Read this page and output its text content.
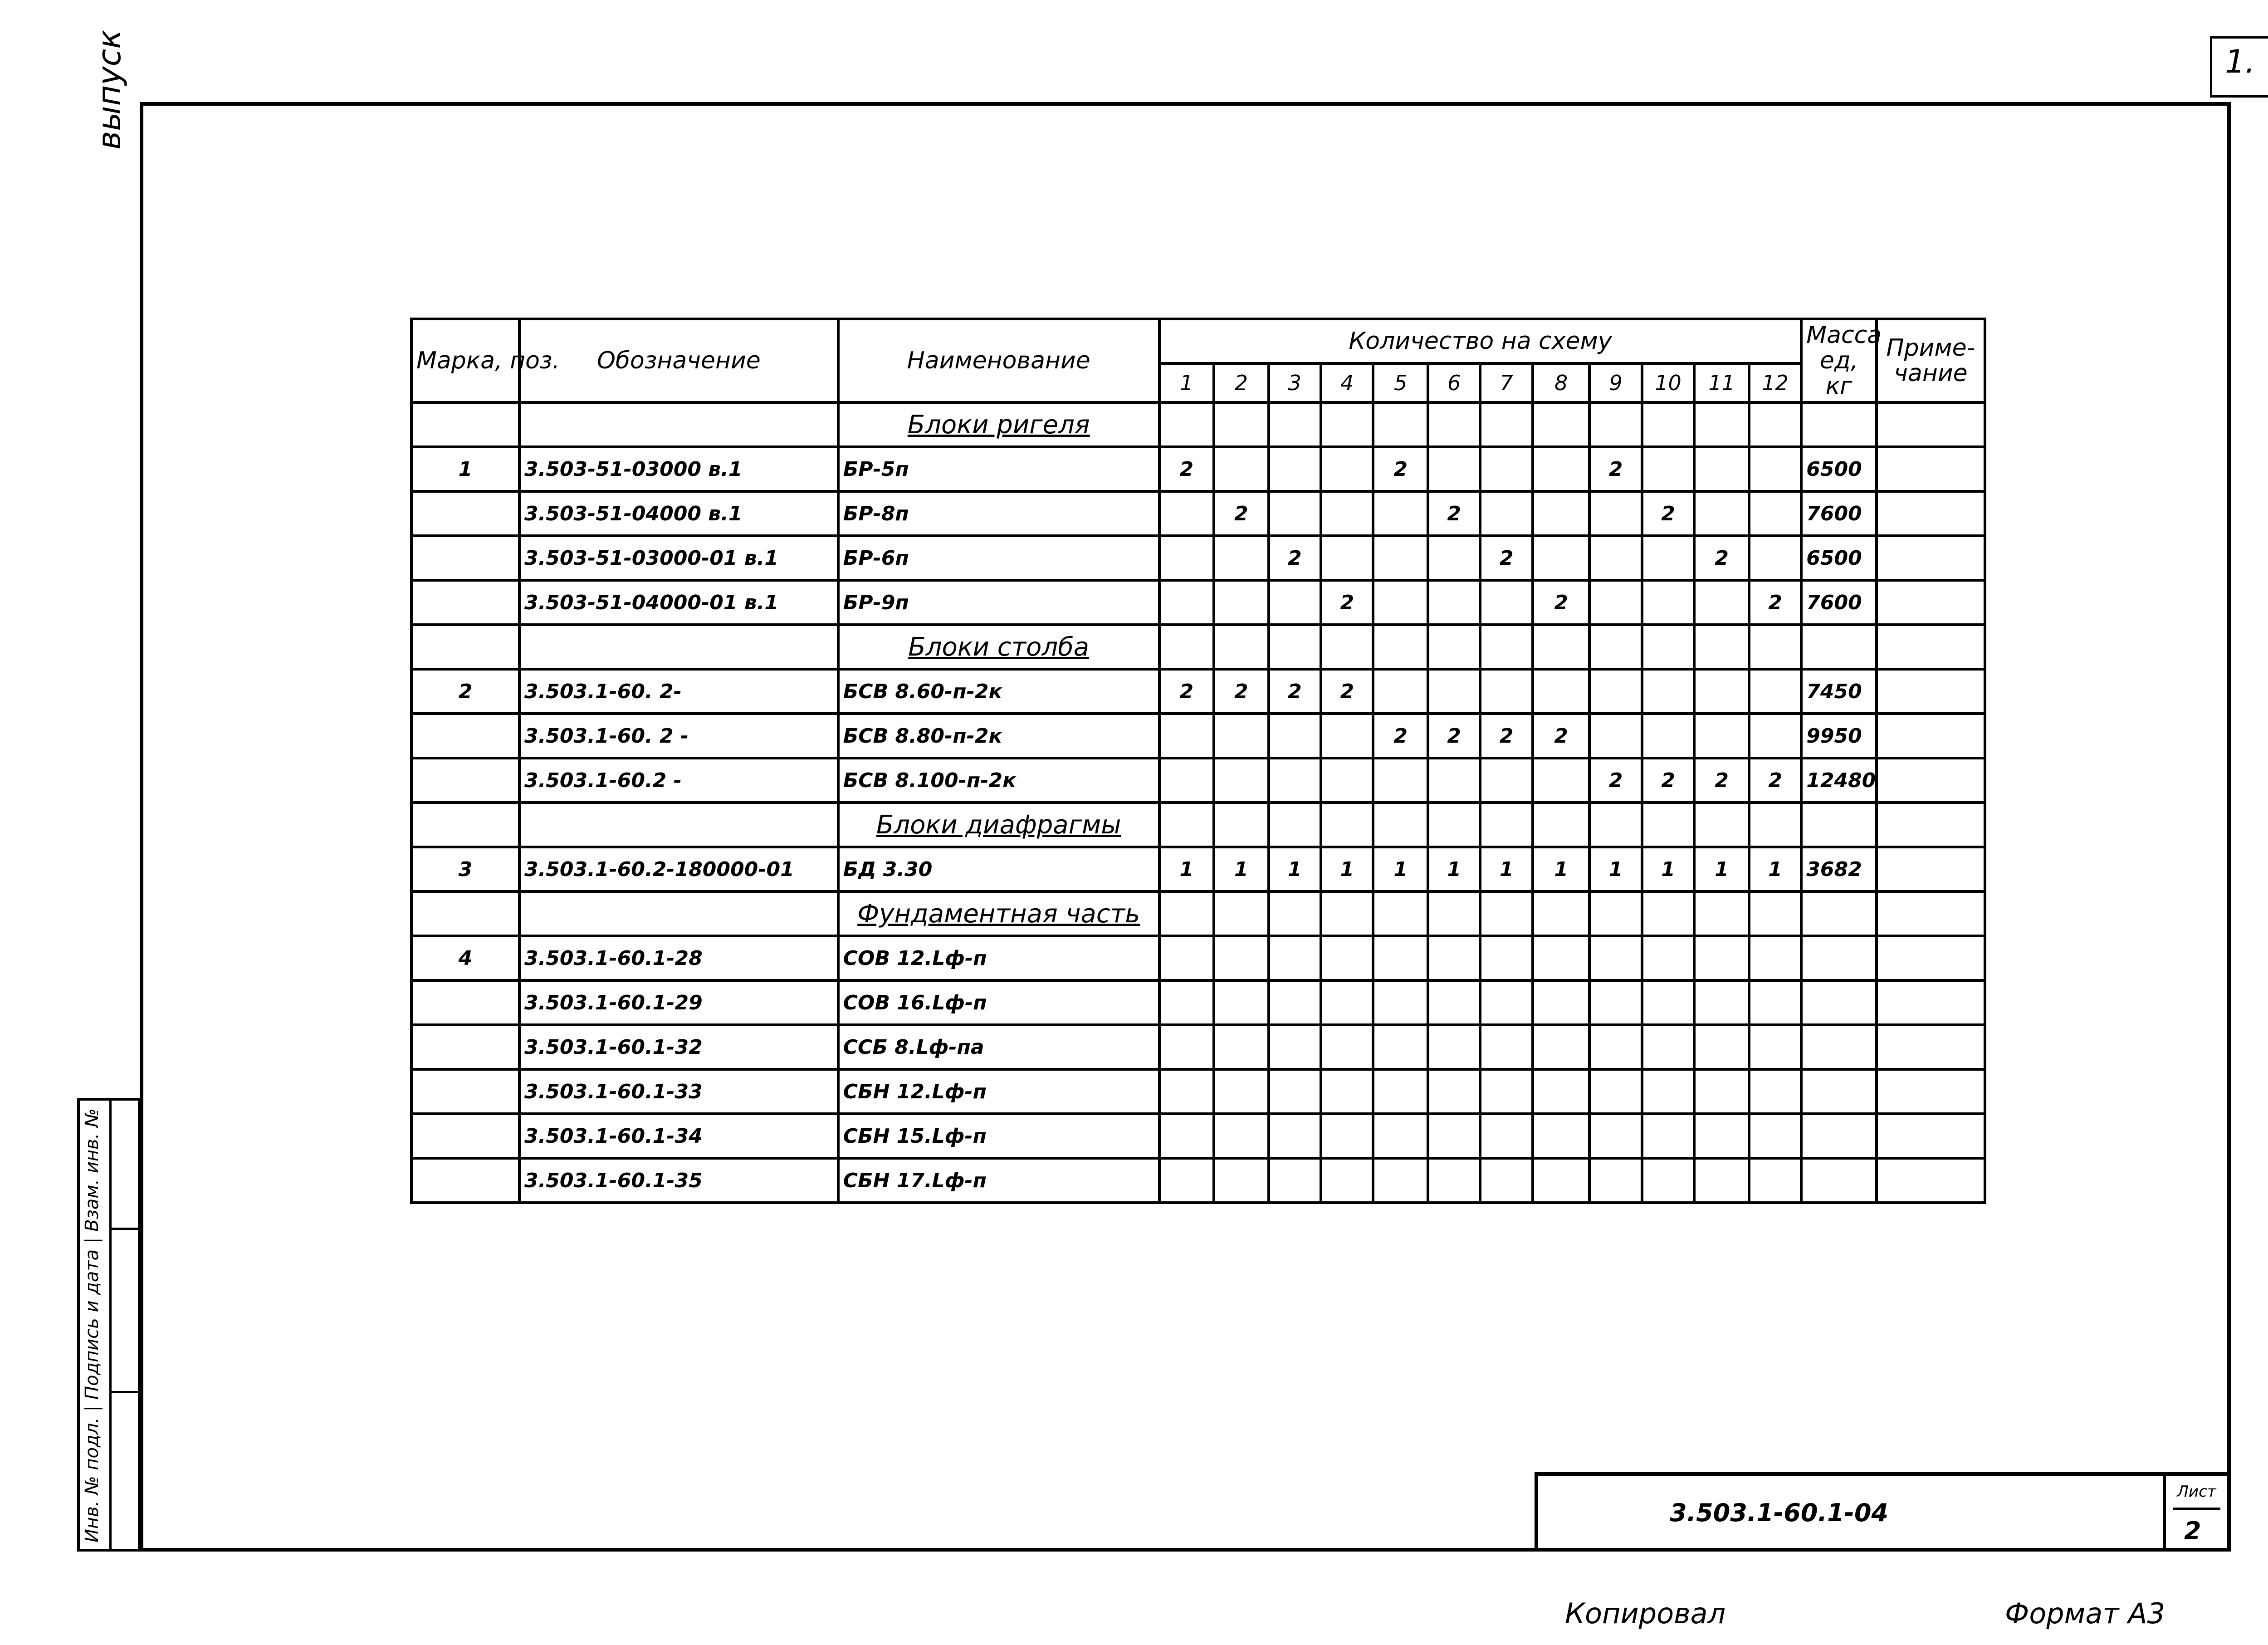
1.
выпуск
Инв. № подл. | Подпись и дата | Взам. инв. №
Марка, поз.	Обозначение	Наименование	Количество на схему												Масса ед, кг	Приме- чание
			1	2	3	4	5	6	7	8	9	10	11	12		
		Блоки ригеля														
1	3.503-51-03000 в.1	БР-5п	2				2				2				6500	
	3.503-51-04000 в.1	БР-8п		2				2				2			7600	
	3.503-51-03000-01 в.1	БР-6п			2				2				2		6500	
	3.503-51-04000-01 в.1	БР-9п				2				2				2	7600	
		Блоки столба														
2	3.503.1-60. 2-	БСВ 8.60-п-2к	2	2	2	2									7450	
	3.503.1-60. 2 -	БСВ 8.80-п-2к					2	2	2	2					9950	
	3.503.1-60.2 -	БСВ 8.100-п-2к									2	2	2	2	12480	
		Блоки диафрагмы														
3	3.503.1-60.2-180000-01	БД 3.30	1	1	1	1	1	1	1	1	1	1	1	1	3682	
		Фундаментная часть														
4	3.503.1-60.1-28	СОВ 12.Lф-п														
	3.503.1-60.1-29	СОВ 16.Lф-п														
	3.503.1-60.1-32	ССБ 8.Lф-па														
	3.503.1-60.1-33	СБН 12.Lф-п														
	3.503.1-60.1-34	СБН 15.Lф-п														
	3.503.1-60.1-35	СБН 17.Lф-п														
3.503.1-60.1-04
Лист
2
Копировал	Формат А3
